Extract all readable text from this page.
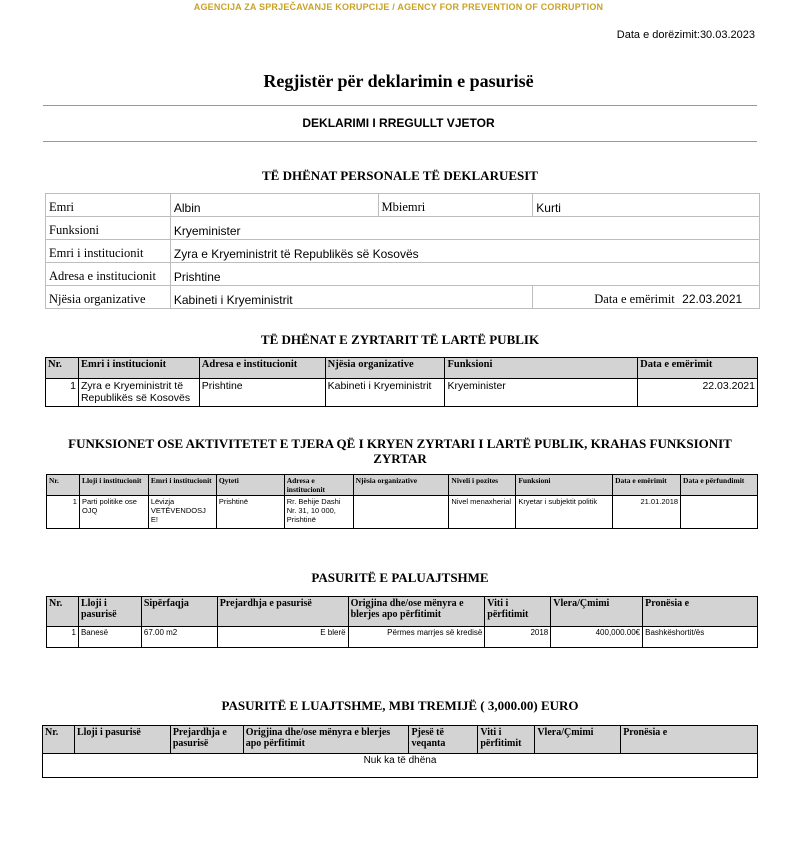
AGENCIJA ZA SPRJEČAVANJE KORUPCIJE / AGENCY FOR PREVENTION OF CORRUPTION
Data e dorëzimit:30.03.2023
Regjistër për deklarimin e pasurisë
DEKLARIMI I RREGULLT VJETOR
TË DHËNAT PERSONALE TË DEKLARUESIT
Emri	Albin	Mbiemri	Kurti
Funksioni	Kryeminister		
Emri i institucionit	Zyra e Kryeministrit të Republikës së Kosovës		
Adresa e institucionit	Prishtine		
Njësia organizative	Kabineti i Kryeministrit		Data e emërimit 22.03.2021
TË DHËNAT E ZYRTARIT TË LARTË PUBLIK
Nr.	Emri i institucionit	Adresa e institucionit	Njësia organizative	Funksioni	Data e emërimit
1	Zyra e Kryeministrit të Republikës së Kosovës	Prishtine	Kabineti i Kryeministrit	Kryeminister	22.03.2021
FUNKSIONET OSE AKTIVITETET E TJERA QË I KRYEN ZYRTARI I LARTË PUBLIK, KRAHAS FUNKSIONIT ZYRTAR
Nr.	Lloji i institucionit	Emri i institucionit	Qyteti	Adresa e institucionit	Njësia organizative	Niveli i pozites	Funksioni	Data e emërimit	Data e përfundimit
1	Parti politike ose OJQ	Lëvizja VETËVENDOSJ E!	Prishtinë	Rr. Behije Dashi Nr. 31, 10 000, Prishtinë		Nivel menaxherial	Kryetar i subjektit politik	21.01.2018	
PASURITË E PALUAJTSHME
Nr.	Lloji i pasurisë	Sipërfaqja	Prejardhja e pasurisë	Origjina dhe/ose mënyra e blerjes apo përfitimit	Viti i përfitimit	Vlera/Çmimi	Pronësia e
1	Banesë	67.00 m2	E blerë	Përmes marrjes së kredisë	2018	400,000.00€	Bashkëshortit/ës
PASURITË E LUAJTSHME, MBI TREMIJË ( 3,000.00) EURO
Nr.	Lloji i pasurisë	Prejardhja e pasurisë	Origjina dhe/ose mënyra e blerjes apo përfitimit	Pjesë të veqanta	Viti i përfitimit	Vlera/Çmimi	Pronësia e
Nuk ka të dhëna
